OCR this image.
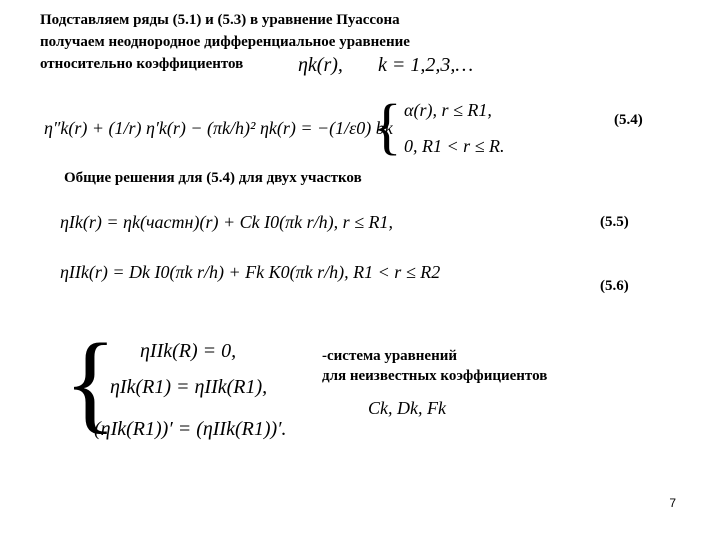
Подставляем ряды (5.1) и (5.3) в уравнение Пуассона
получаем неоднородное дифференциальное уравнение
относительно коэффициентов	ηk(r), k = 1,2,3,…
η″k(r) + (1/r) η′k(r) − (πk/h)² ηk(r) = −(1/ε0) bk
{ α(r), r ≤ R1,
0, R1 < r ≤ R.
(5.4)
Общие решения для (5.4) для двух участков
ηIk(r) = ηk(частн)(r) + Ck I0(πk r/h), r ≤ R1,	(5.5)
ηIIk(r) = Dk I0(πk r/h) + Fk K0(πk r/h), R1 < r ≤ R2
(5.6)
{ ηIIk(R) = 0,
ηIk(R1) = ηIIk(R1),
(ηIk(R1))′ = (ηIIk(R1))′.
-система уравнений
для неизвестных коэффициентов
Ck, Dk, Fk
7
